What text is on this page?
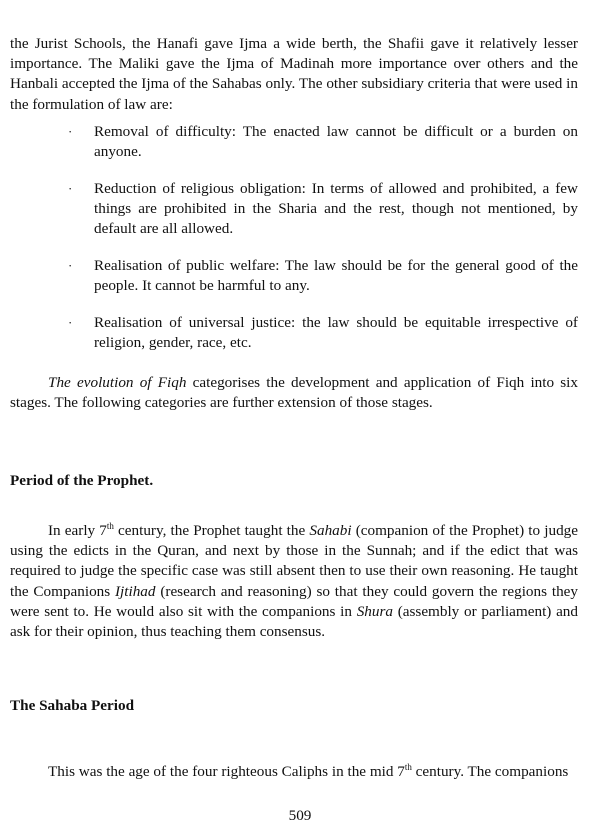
the Jurist Schools, the Hanafi gave Ijma a wide berth, the Shafii gave it relatively lesser importance. The Maliki gave the Ijma of Madinah more importance over others and the Hanbali accepted the Ijma of the Sahabas only. The other subsidiary criteria that were used in the formulation of law are:

· Removal of difficulty: The enacted law cannot be difficult or a burden on anyone.
· Reduction of religious obligation: In terms of allowed and prohibited, a few things are prohibited in the Sharia and the rest, though not mentioned, by default are all allowed.
· Realisation of public welfare: The law should be for the general good of the people. It cannot be harmful to any.
· Realisation of universal justice: the law should be equitable irrespective of religion, gender, race, etc.

The evolution of Fiqh categorises the development and application of Fiqh into six stages. The following categories are further extension of those stages.

Period of the Prophet.

In early 7th century, the Prophet taught the Sahabi (companion of the Prophet) to judge using the edicts in the Quran, and next by those in the Sunnah; and if the edict that was required to judge the specific case was still absent then to use their own reasoning. He taught the Companions Ijtihad (research and reasoning) so that they could govern the regions they were sent to. He would also sit with the companions in Shura (assembly or parliament) and ask for their opinion, thus teaching them consensus.

The Sahaba Period

This was the age of the four righteous Caliphs in the mid 7th century. The companions

509
